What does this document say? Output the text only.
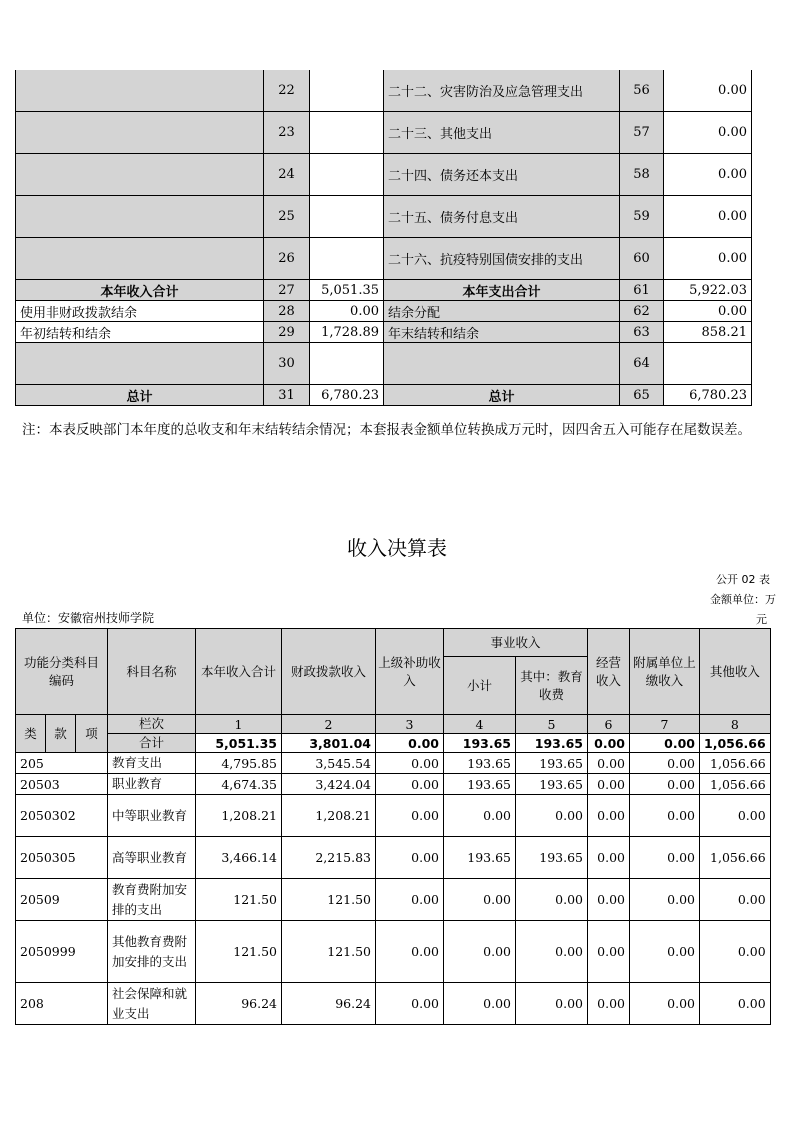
	22		二十二、灾害防治及应急管理支出	56	0.00
	23		二十三、其他支出	57	0.00
	24		二十四、债务还本支出	58	0.00
	25		二十五、债务付息支出	59	0.00
	26		二十六、抗疫特别国债安排的支出	60	0.00
本年收入合计	27	5,051.35	本年支出合计	61	5,922.03
使用非财政拨款结余	28	0.00	结余分配	62	0.00
年初结转和结余	29	1,728.89	年末结转和结余	63	858.21
	30			64	
总计	31	6,780.23	总计	65	6,780.23
注：本表反映部门本年度的总收支和年末结转结余情况；本套报表金额单位转换成万元时，因四舍五入可能存在尾数误差。
收入决算表
公开 02 表
金额单位：万
元
单位：安徽宿州技师学院
功能分类科目编码			科目名称	本年收入合计	财政拨款收入	上级补助收入	事业收入		经营收入	附属单位上缴收入	其他收入
							小计	其中：教育收费			
类	款	项	栏次	1	2	3	4	5	6	7	8
			合计	5,051.35	3,801.04	0.00	193.65	193.65	0.00	0.00	1,056.66
205			教育支出	4,795.85	3,545.54	0.00	193.65	193.65	0.00	0.00	1,056.66
20503			职业教育	4,674.35	3,424.04	0.00	193.65	193.65	0.00	0.00	1,056.66
2050302			中等职业教育	1,208.21	1,208.21	0.00	0.00	0.00	0.00	0.00	0.00
2050305			高等职业教育	3,466.14	2,215.83	0.00	193.65	193.65	0.00	0.00	1,056.66
20509			教育费附加安排的支出	121.50	121.50	0.00	0.00	0.00	0.00	0.00	0.00
2050999			其他教育费附加安排的支出	121.50	121.50	0.00	0.00	0.00	0.00	0.00	0.00
208			社会保障和就业支出	96.24	96.24	0.00	0.00	0.00	0.00	0.00	0.00
